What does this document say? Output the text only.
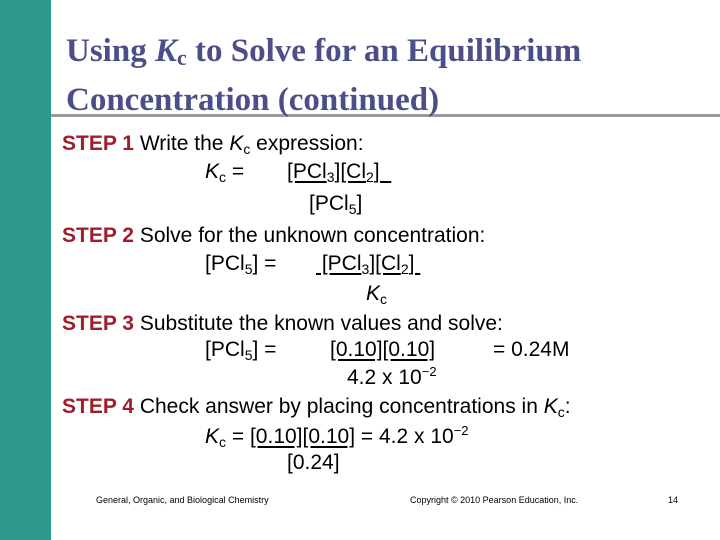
Using $K_c$ to Solve for an Equilibrium
Concentration (continued)
STEP 1 Write the $K_c$ expression:
$K_c = [PCl_3][Cl_2]$
[PCl$_5$]
STEP 2 Solve for the unknown concentration:
$[PCl_5] = [PCl_3][Cl_2]$
$K_c$
STEP 3 Substitute the known values and solve:
[PCl$_5$] =	[0.10][0.10]	= 0.24M
4.2 x $10^{-2}$
STEP 4 Check answer by placing concentrations in $K_c$:
$K_c = [0.10][0.10] = 4.2$ x $10^{-2}$
[0.24]
General, Organic, and Biological Chemistry	Copyright © 2010 Pearson Education, Inc.	14
